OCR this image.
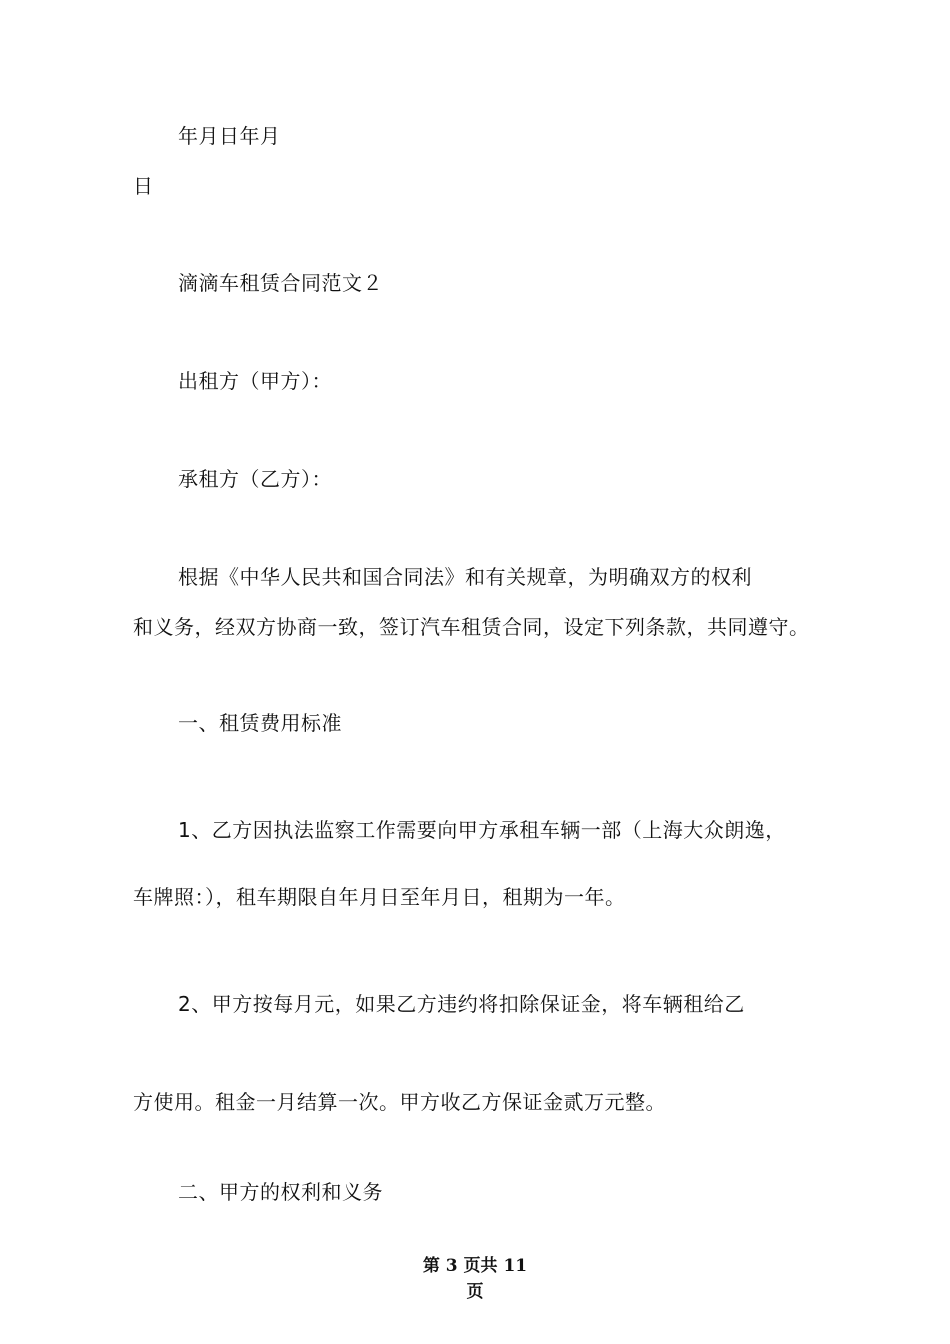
年月日年月
日
滴滴车租赁合同范文２
出租方（甲方）：
承租方（乙方）：
根据《中华人民共和国合同法》和有关规章，为明确双方的权利
和义务，经双方协商一致，签订汽车租赁合同，设定下列条款，共同遵守。
一、租赁费用标准
1、乙方因执法监察工作需要向甲方承租车辆一部（上海大众朗逸，
车牌照：），租车期限自年月日至年月日，租期为一年。
2、甲方按每月元，如果乙方违约将扣除保证金，将车辆租给乙
方使用。租金一月结算一次。甲方收乙方保证金贰万元整。
二、甲方的权利和义务
第 3 页共 11
页
